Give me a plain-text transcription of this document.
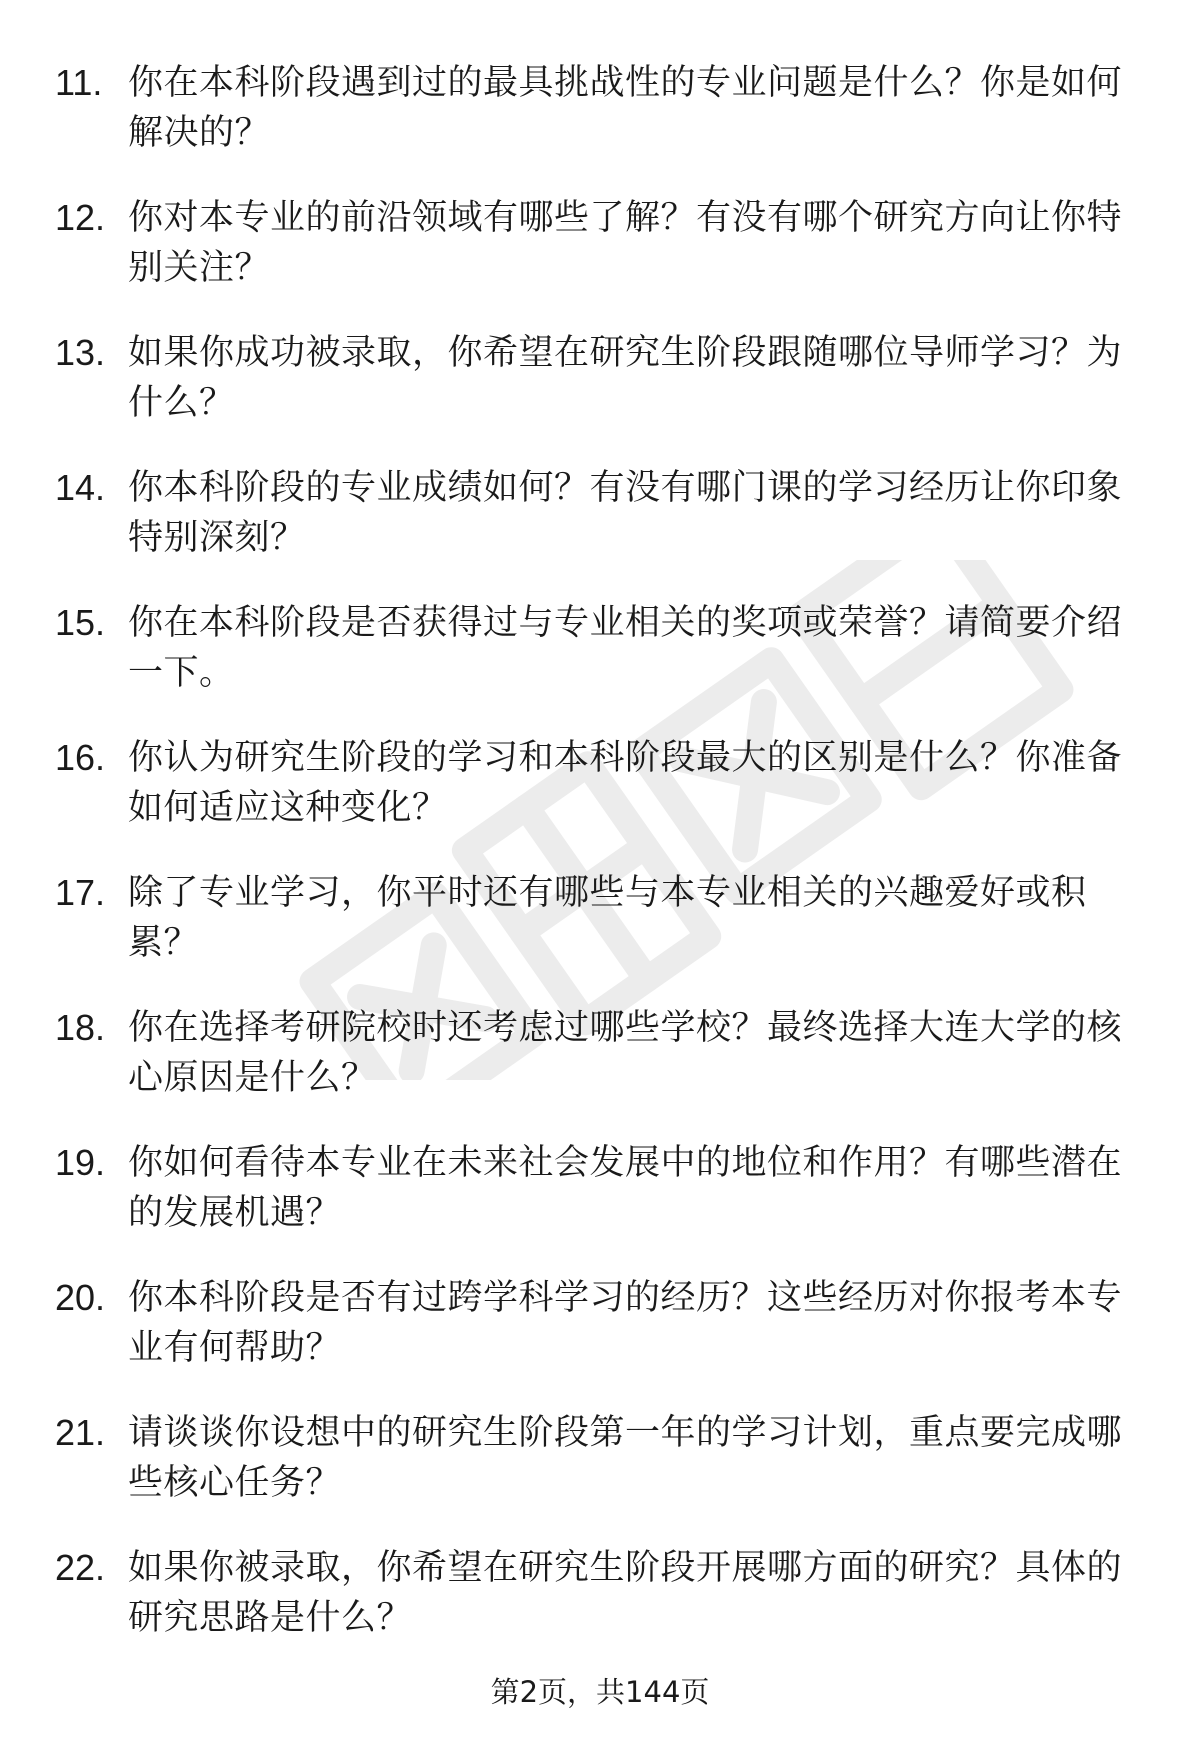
11. 你在本科阶段遇到过的最具挑战性的专业问题是什么？你是如何解决的？
12. 你对本专业的前沿领域有哪些了解？有没有哪个研究方向让你特别关注？
13. 如果你成功被录取，你希望在研究生阶段跟随哪位导师学习？为什么？
14. 你本科阶段的专业成绩如何？有没有哪门课的学习经历让你印象特别深刻？
15. 你在本科阶段是否获得过与专业相关的奖项或荣誉？请简要介绍一下。
16. 你认为研究生阶段的学习和本科阶段最大的区别是什么？你准备如何适应这种变化？
17. 除了专业学习，你平时还有哪些与本专业相关的兴趣爱好或积累？
18. 你在选择考研院校时还考虑过哪些学校？最终选择大连大学的核心原因是什么？
19. 你如何看待本专业在未来社会发展中的地位和作用？有哪些潜在的发展机遇？
20. 你本科阶段是否有过跨学科学习的经历？这些经历对你报考本专业有何帮助？
21. 请谈谈你设想中的研究生阶段第一年的学习计划，重点要完成哪些核心任务？
22. 如果你被录取，你希望在研究生阶段开展哪方面的研究？具体的研究思路是什么？
第2页，共144页
